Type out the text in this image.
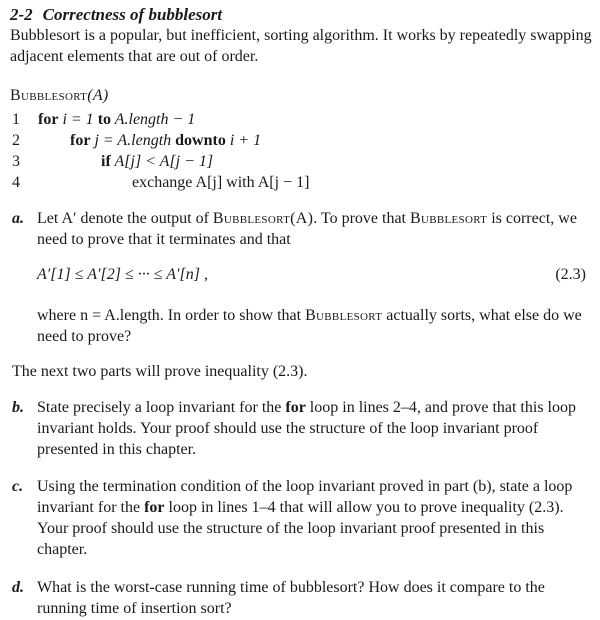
2-2 Correctness of bubblesort
Bubblesort is a popular, but inefficient, sorting algorithm. It works by repeatedly swapping adjacent elements that are out of order.
Bubblesort(A)
1	for i = 1 to A.length − 1
2	for j = A.length downto i + 1
3	if A[j] < A[j − 1]
4	exchange A[j] with A[j − 1]
a. Let A′ denote the output of Bubblesort(A). To prove that Bubblesort is correct, we need to prove that it terminates and that
A′[1] ≤ A′[2] ≤ ··· ≤ A′[n] ,	(2.3)
where n = A.length. In order to show that Bubblesort actually sorts, what else do we need to prove?
The next two parts will prove inequality (2.3).
b. State precisely a loop invariant for the for loop in lines 2–4, and prove that this loop invariant holds. Your proof should use the structure of the loop invariant proof presented in this chapter.
c. Using the termination condition of the loop invariant proved in part (b), state a loop invariant for the for loop in lines 1–4 that will allow you to prove inequality (2.3). Your proof should use the structure of the loop invariant proof presented in this chapter.
d. What is the worst-case running time of bubblesort? How does it compare to the running time of insertion sort?
